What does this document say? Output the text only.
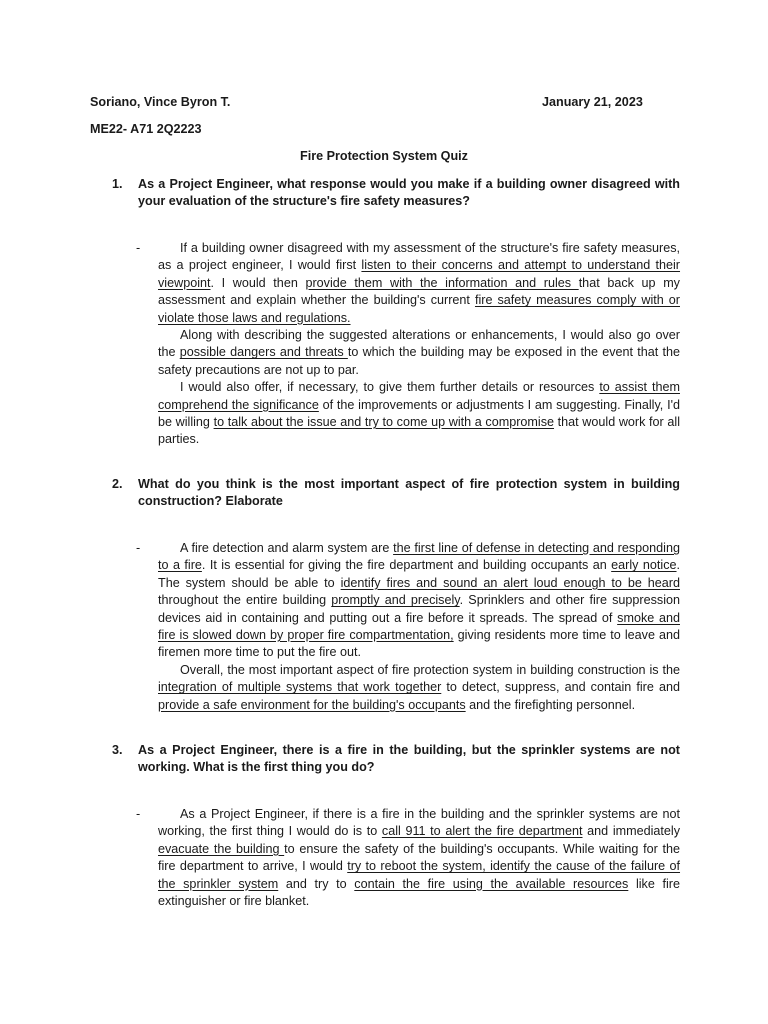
Soriano, Vince Byron T.	January 21, 2023
ME22- A71 2Q2223
Fire Protection System Quiz
1. As a Project Engineer, what response would you make if a building owner disagreed with your evaluation of the structure's fire safety measures?
-	If a building owner disagreed with my assessment of the structure's fire safety measures, as a project engineer, I would first listen to their concerns and attempt to understand their viewpoint. I would then provide them with the information and rules that back up my assessment and explain whether the building's current fire safety measures comply with or violate those laws and regulations.

Along with describing the suggested alterations or enhancements, I would also go over the possible dangers and threats to which the building may be exposed in the event that the safety precautions are not up to par.

I would also offer, if necessary, to give them further details or resources to assist them comprehend the significance of the improvements or adjustments I am suggesting. Finally, I'd be willing to talk about the issue and try to come up with a compromise that would work for all parties.

2. What do you think is the most important aspect of fire protection system in building construction? Elaborate
-	A fire detection and alarm system are the first line of defense in detecting and responding to a fire. It is essential for giving the fire department and building occupants an early notice. The system should be able to identify fires and sound an alert loud enough to be heard throughout the entire building promptly and precisely. Sprinklers and other fire suppression devices aid in containing and putting out a fire before it spreads. The spread of smoke and fire is slowed down by proper fire compartmentation, giving residents more time to leave and firemen more time to put the fire out.

Overall, the most important aspect of fire protection system in building construction is the integration of multiple systems that work together to detect, suppress, and contain fire and provide a safe environment for the building's occupants and the firefighting personnel.

3. As a Project Engineer, there is a fire in the building, but the sprinkler systems are not working. What is the first thing you do?
-	As a Project Engineer, if there is a fire in the building and the sprinkler systems are not working, the first thing I would do is to call 911 to alert the fire department and immediately evacuate the building to ensure the safety of the building's occupants. While waiting for the fire department to arrive, I would try to reboot the system, identify the cause of the failure of the sprinkler system and try to contain the fire using the available resources like fire extinguisher or fire blanket.
